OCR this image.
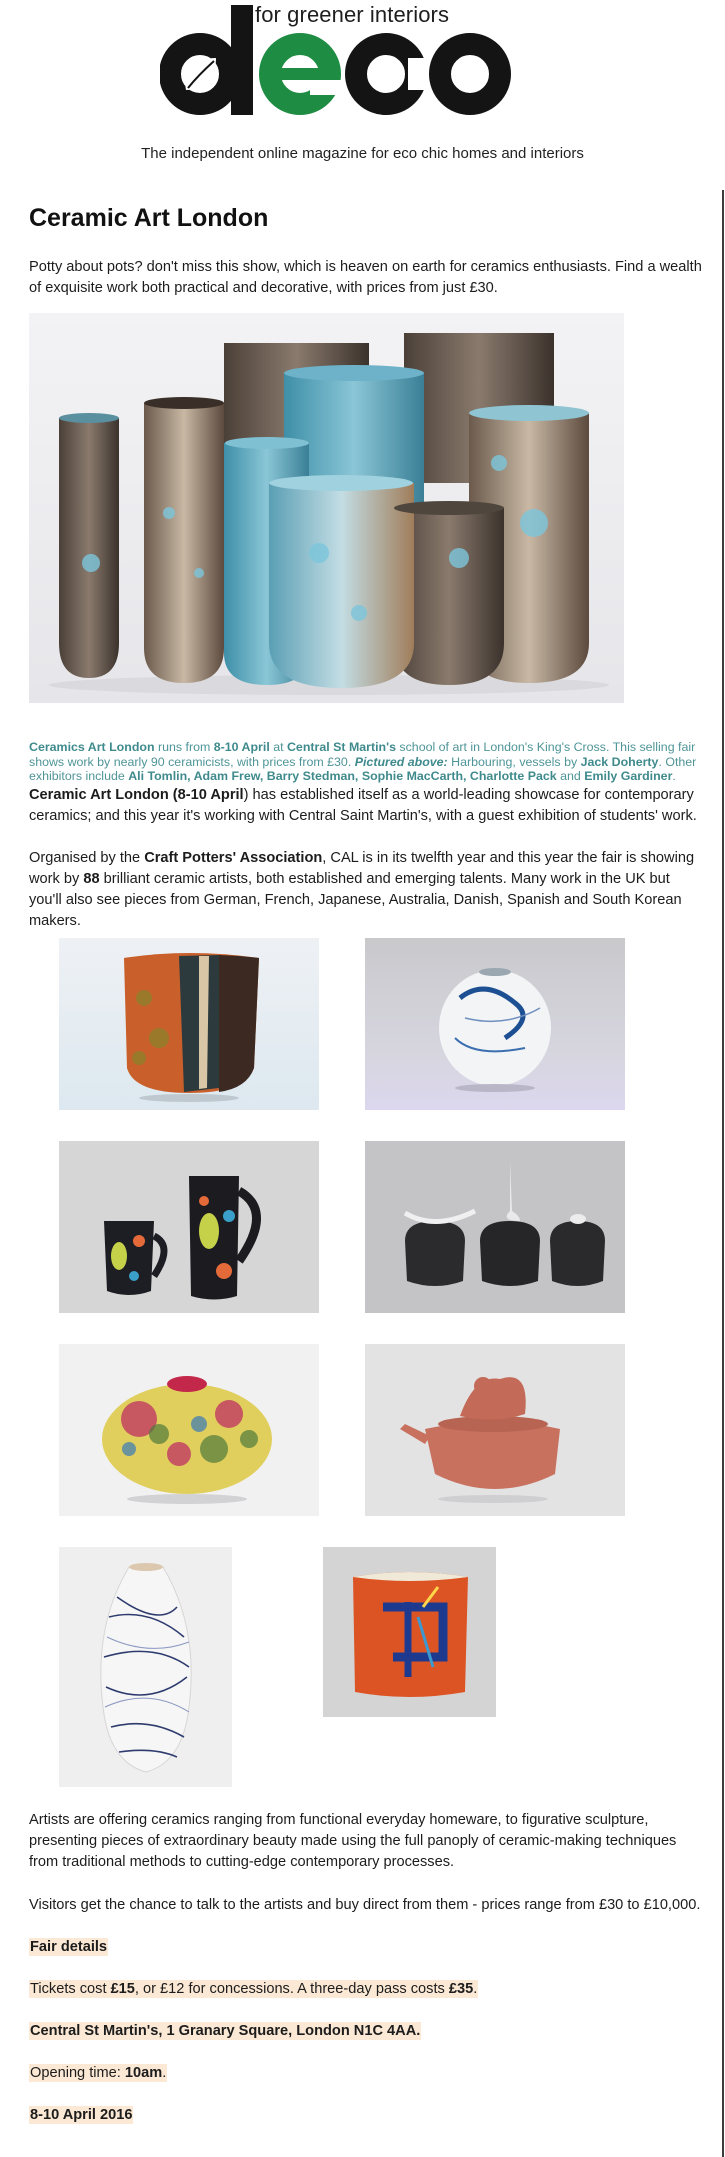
for greener interiors
The independent online magazine for eco chic homes and interiors
Ceramic Art London

Potty about pots? don't miss this show, which is heaven on earth for ceramics enthusiasts. Find a wealth of exquisite work both practical and decorative, with prices from just £30.

Ceramics Art London runs from 8-10 April at Central St Martin's school of art in London's King's Cross. This selling fair shows work by nearly 90 ceramicists, with prices from £30. Pictured above: Harbouring, vessels by Jack Doherty. Other exhibitors include Ali Tomlin, Adam Frew, Barry Stedman, Sophie MacCarth, Charlotte Pack and Emily Gardiner.

Ceramic Art London (8-10 April) has established itself as a world-leading showcase for contemporary ceramics; and this year it's working with Central Saint Martin's, with a guest exhibition of students' work.

Organised by the Craft Potters' Association, CAL is in its twelfth year and this year the fair is showing work by 88 brilliant ceramic artists, both established and emerging talents. Many work in the UK but you'll also see pieces from German, French, Japanese, Australia, Danish, Spanish and South Korean makers.

Artists are offering ceramics ranging from functional everyday homeware, to figurative sculpture, presenting pieces of extraordinary beauty made using the full panoply of ceramic-making techniques from traditional methods to cutting-edge contemporary processes.

Visitors get the chance to talk to the artists and buy direct from them - prices range from £30 to £10,000.

Fair details

Tickets cost £15, or £12 for concessions. A three-day pass costs £35.

Central St Martin's, 1 Granary Square, London N1C 4AA.

Opening time: 10am.

8-10 April 2016
